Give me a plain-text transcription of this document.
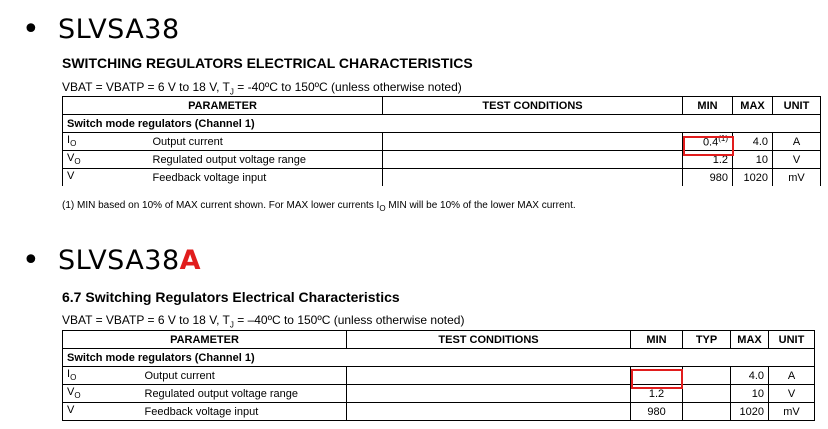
• SLVSA38
SWITCHING REGULATORS ELECTRICAL CHARACTERISTICS
VBAT = VBATP = 6 V to 18 V, $T_J$ = -40ºC to 150ºC (unless otherwise noted)
PARAMETER		TEST CONDITIONS	MIN	MAX	UNIT
Switch mode regulators (Channel 1)					
$I_O$	Output current		0.4$^{(1)}$	4.0	A
$V_O$	Regulated output voltage range		1.2	10	V
V	Feedback voltage input		980	1020	mV
(1) MIN based on 10% of MAX current shown. For MAX lower currents $I_O$ MIN will be 10% of the lower MAX current.
• SLVSA38A
6.7 Switching Regulators Electrical Characteristics
VBAT = VBATP = 6 V to 18 V, $T_J$ = –40ºC to 150ºC (unless otherwise noted)
PARAMETER		TEST CONDITIONS	MIN	TYP	MAX	UNIT
Switch mode regulators (Channel 1)						
$I_O$	Output current				4.0	A
$V_O$	Regulated output voltage range		1.2		10	V
V	Feedback voltage input		980		1020	mV
